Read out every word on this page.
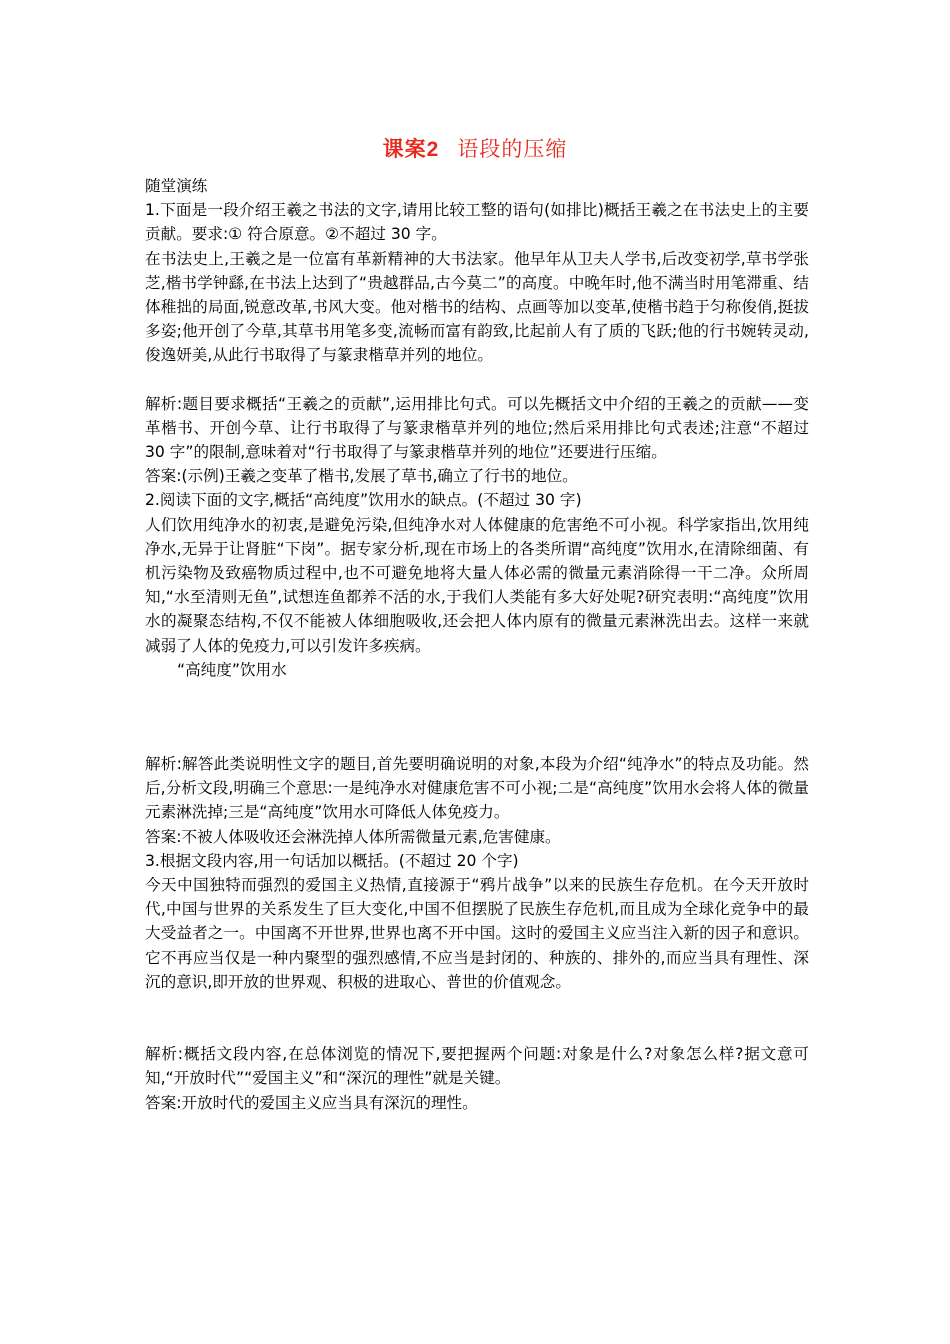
课案2 语段的压缩

随堂演练

1.下面是一段介绍王羲之书法的文字,请用比较工整的语句(如排比)概括王羲之在书法史上的主要贡献。要求:① 符合原意。②不超过 30 字。

在书法史上,王羲之是一位富有革新精神的大书法家。他早年从卫夫人学书,后改变初学,草书学张芝,楷书学钟繇,在书法上达到了“贵越群品,古今莫二”的高度。中晚年时,他不满当时用笔滞重、结体稚拙的局面,锐意改革,书风大变。他对楷书的结构、点画等加以变革,使楷书趋于匀称俊俏,挺拔多姿;他开创了今草,其草书用笔多变,流畅而富有韵致,比起前人有了质的飞跃;他的行书婉转灵动,俊逸妍美,从此行书取得了与篆隶楷草并列的地位。

解析:题目要求概括“王羲之的贡献”,运用排比句式。可以先概括文中介绍的王羲之的贡献——变革楷书、开创今草、让行书取得了与篆隶楷草并列的地位;然后采用排比句式表述;注意“不超过 30 字”的限制,意味着对“行书取得了与篆隶楷草并列的地位”还要进行压缩。

答案:(示例)王羲之变革了楷书,发展了草书,确立了行书的地位。

2.阅读下面的文字,概括“高纯度”饮用水的缺点。(不超过 30 字)

人们饮用纯净水的初衷,是避免污染,但纯净水对人体健康的危害绝不可小视。科学家指出,饮用纯净水,无异于让肾脏“下岗”。据专家分析,现在市场上的各类所谓“高纯度”饮用水,在清除细菌、有机污染物及致癌物质过程中,也不可避免地将大量人体必需的微量元素消除得一干二净。众所周知,“水至清则无鱼”,试想连鱼都养不活的水,于我们人类能有多大好处呢?研究表明:“高纯度”饮用水的凝聚态结构,不仅不能被人体细胞吸收,还会把人体内原有的微量元素淋洗出去。这样一来就减弱了人体的免疫力,可以引发许多疾病。

“高纯度”饮用水

解析:解答此类说明性文字的题目,首先要明确说明的对象,本段为介绍“纯净水”的特点及功能。然后,分析文段,明确三个意思:一是纯净水对健康危害不可小视;二是“高纯度”饮用水会将人体的微量元素淋洗掉;三是“高纯度”饮用水可降低人体免疫力。

答案:不被人体吸收还会淋洗掉人体所需微量元素,危害健康。

3.根据文段内容,用一句话加以概括。(不超过 20 个字)

今天中国独特而强烈的爱国主义热情,直接源于“鸦片战争”以来的民族生存危机。在今天开放时代,中国与世界的关系发生了巨大变化,中国不但摆脱了民族生存危机,而且成为全球化竞争中的最大受益者之一。中国离不开世界,世界也离不开中国。这时的爱国主义应当注入新的因子和意识。它不再应当仅是一种内聚型的强烈感情,不应当是封闭的、种族的、排外的,而应当具有理性、深沉的意识,即开放的世界观、积极的进取心、普世的价值观念。

解析:概括文段内容,在总体浏览的情况下,要把握两个问题:对象是什么?对象怎么样?据文意可知,“开放时代”“爱国主义”和“深沉的理性”就是关键。

答案:开放时代的爱国主义应当具有深沉的理性。
